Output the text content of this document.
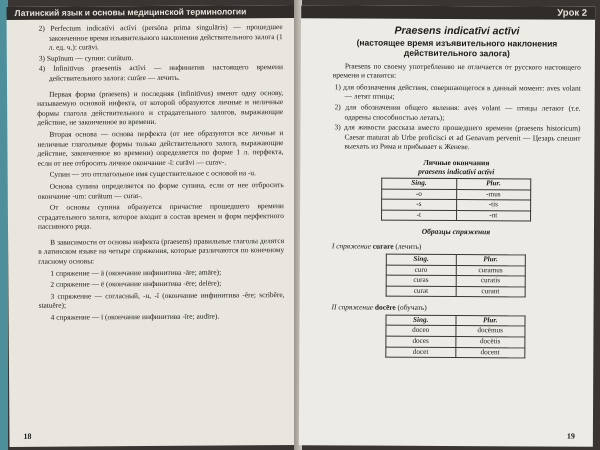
Латинский язык и основы медицинской терминологии

2) Perfectum indicatīvi actīvi (persōna prima singulāris) — прошедшее законченное время изъявительного наклонения действительного залога (1 л. ед. ч.): curāvi.

3) Supīnum — супин: curātum.

4) Infinitīvus praesentis actīvi — инфинитив настоящего времени действительного залога: curāre — лечить.

Первая форма (praesens) и последняя (infinitīvus) имеют одну основу, называемую основой инфекта, от которой образуются личные и неличные формы глагола действительного и страдательного залогов, выражающие действие, не законченное во времени.

Вторая основа — основа перфекта (от нее образуются все личные и неличные глагольные формы только действительного залога, выражающие действие, законченное во времени) определяется по форме 1 л. перфекта, если от нее отбросить личное окончание -ī: curāvi — curav-.

Супин — это отглагольное имя существительное с основой на -u.

Основа супина определяется по форме супина, если от нее отбросить окончание -um: curātum — curat-.

От основы супина образуется причастие прошедшего времени страдательного залога, которое входит в состав времен и форм перфектного пассивного ряда.

В зависимости от основы инфекта (praesens) правильные глаголы делятся в латинском языке на четыре спряжения, которые различаются по конечному гласному основы:

1 спряжение — ā (окончание инфинитива -āre; amāre);

2 спряжение — ē (окончание инфинитива -ēre; delēre);

3 спряжение — согласный, -u, -ĭ (окончание инфинитива -ĕre; scribĕre, statuĕre);

4 спряжение — ī (окончание инфинитива -īre; audīre).

18
Урок 2
Praesens indicatīvi actīvi
(настоящее время изъявительного наклонения действительного залога)

Praesens по своему употреблению не отличается от русского настоящего времени и ставится:

1) для обозначения действия, совершающегося в данный момент: aves volant — летят птицы;

2) для обозначения общего явления: aves volant — птицы летают (т.е. одарены способностью летать);

3) для живости рассказа вместо прошедшего времени (praesens historicum) Caesar maturat ab Urbe proficisci et ad Genavam pervenit — Цезарь спешит выехать из Рима и прибывает к Женеве.

Личные окончания
praesens indicatīvi actīvi
Sing.	Plur.
-o	-mus
-s	-tis
-t	-nt
Образцы спряжения
I спряжение curare (лечить)
Sing.	Plur.
curo	curamus
curas	curatis
curat	curant
II спряжение docēre (обучать)
Sing.	Plur.
doceo	docēmus
doces	docētis
docet	docent
19
